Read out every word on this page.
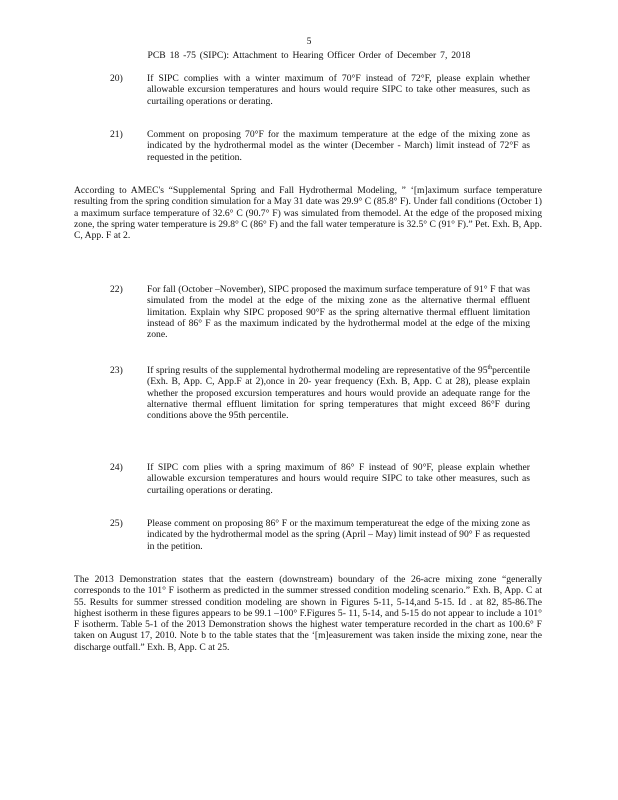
5
PCB 18 -75 (SIPC): Attachment to Hearing Officer Order of December 7, 2018
20)	If SIPC complies with a winter maximum of 70°F instead of 72°F, please explain whether allowable excursion temperatures and hours would require SIPC to take other measures, such as curtailing operations or derating.
21)	Comment on proposing 70°F for the maximum temperature at the edge of the mixing zone as indicated by the hydrothermal model as the winter (December - March) limit instead of 72°F as requested in the petition.
According to AMEC's “Supplemental Spring and Fall Hydrothermal Modeling, ” ‘[m]aximum surface temperature resulting from the spring condition simulation for a May 31 date was 29.9° C (85.8° F). Under fall conditions (October 1) a maximum surface temperature of 32.6° C (90.7° F) was simulated from themodel. At the edge of the proposed mixing zone, the spring water temperature is 29.8° C (86° F) and the fall water temperature is 32.5° C (91° F).” Pet. Exh. B, App. C, App. F at 2.
22)	For fall (October –November), SIPC proposed the maximum surface temperature of 91° F that was simulated from the model at the edge of the mixing zone as the alternative thermal effluent limitation. Explain why SIPC proposed 90°F as the spring alternative thermal effluent limitation instead of 86° F as the maximum indicated by the hydrothermal model at the edge of the mixing zone.
23)	If spring results of the supplemental hydrothermal modeling are representative of the 95thpercentile (Exh. B, App. C, App.F at 2),once in 20- year frequency (Exh. B, App. C at 28), please explain whether the proposed excursion temperatures and hours would provide an adequate range for the alternative thermal effluent limitation for spring temperatures that might exceed 86°F during conditions above the 95th percentile.
24)	If SIPC com plies with a spring maximum of 86° F instead of 90°F, please explain whether allowable excursion temperatures and hours would require SIPC to take other measures, such as curtailing operations or derating.
25)	Please comment on proposing 86° F or the maximum temperatureat the edge of the mixing zone as indicated by the hydrothermal model as the spring (April – May) limit instead of 90° F as requested in the petition.
The 2013 Demonstration states that the eastern (downstream) boundary of the 26-acre mixing zone “generally corresponds to the 101° F isotherm as predicted in the summer stressed condition modeling scenario.” Exh. B, App. C at 55. Results for summer stressed condition modeling are shown in Figures 5-11, 5-14,and 5-15. Id . at 82, 85-86.The highest isotherm in these figures appears to be 99.1 –100° F.Figures 5- 11, 5-14, and 5-15 do not appear to include a 101° F isotherm. Table 5-1 of the 2013 Demonstration shows the highest water temperature recorded in the chart as 100.6° F taken on August 17, 2010. Note b to the table states that the ‘[m]easurement was taken inside the mixing zone, near the discharge outfall.” Exh. B, App. C at 25.
